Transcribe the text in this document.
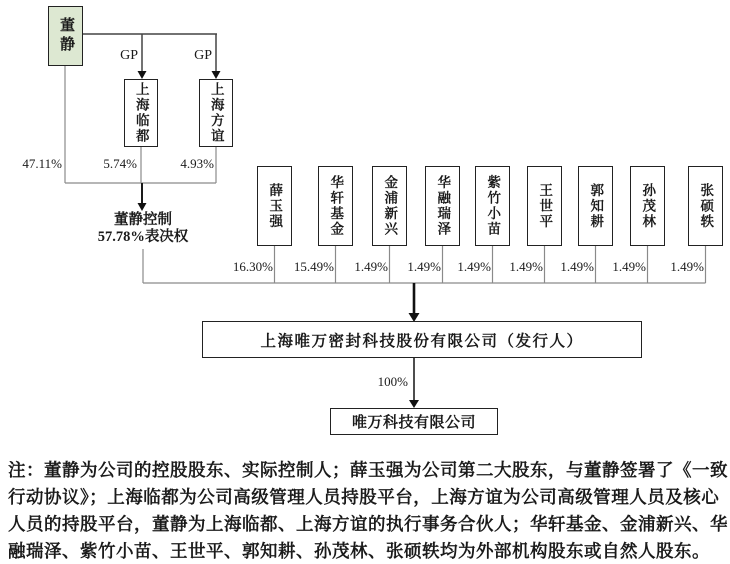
董静
GP	GP
上海临都	上海方谊
47.11%	5.74%	4.93%
董静控制
57.78%表决权
薛玉强	华轩基金	金浦新兴	华融瑞泽	紫竹小苗	王世平	郭知耕	孙茂林	张硕轶
16.30%	15.49%	1.49%	1.49%	1.49%	1.49%	1.49%	1.49%	1.49%
上海唯万密封科技股份有限公司（发行人）
100%
唯万科技有限公司
注：董静为公司的控股股东、实际控制人；薛玉强为公司第二大股东，与董静签署了《一致
行动协议》；上海临都为公司高级管理人员持股平台，上海方谊为公司高级管理人员及核心
人员的持股平台，董静为上海临都、上海方谊的执行事务合伙人；华轩基金、金浦新兴、华
融瑞泽、紫竹小苗、王世平、郭知耕、孙茂林、张硕轶均为外部机构股东或自然人股东。
